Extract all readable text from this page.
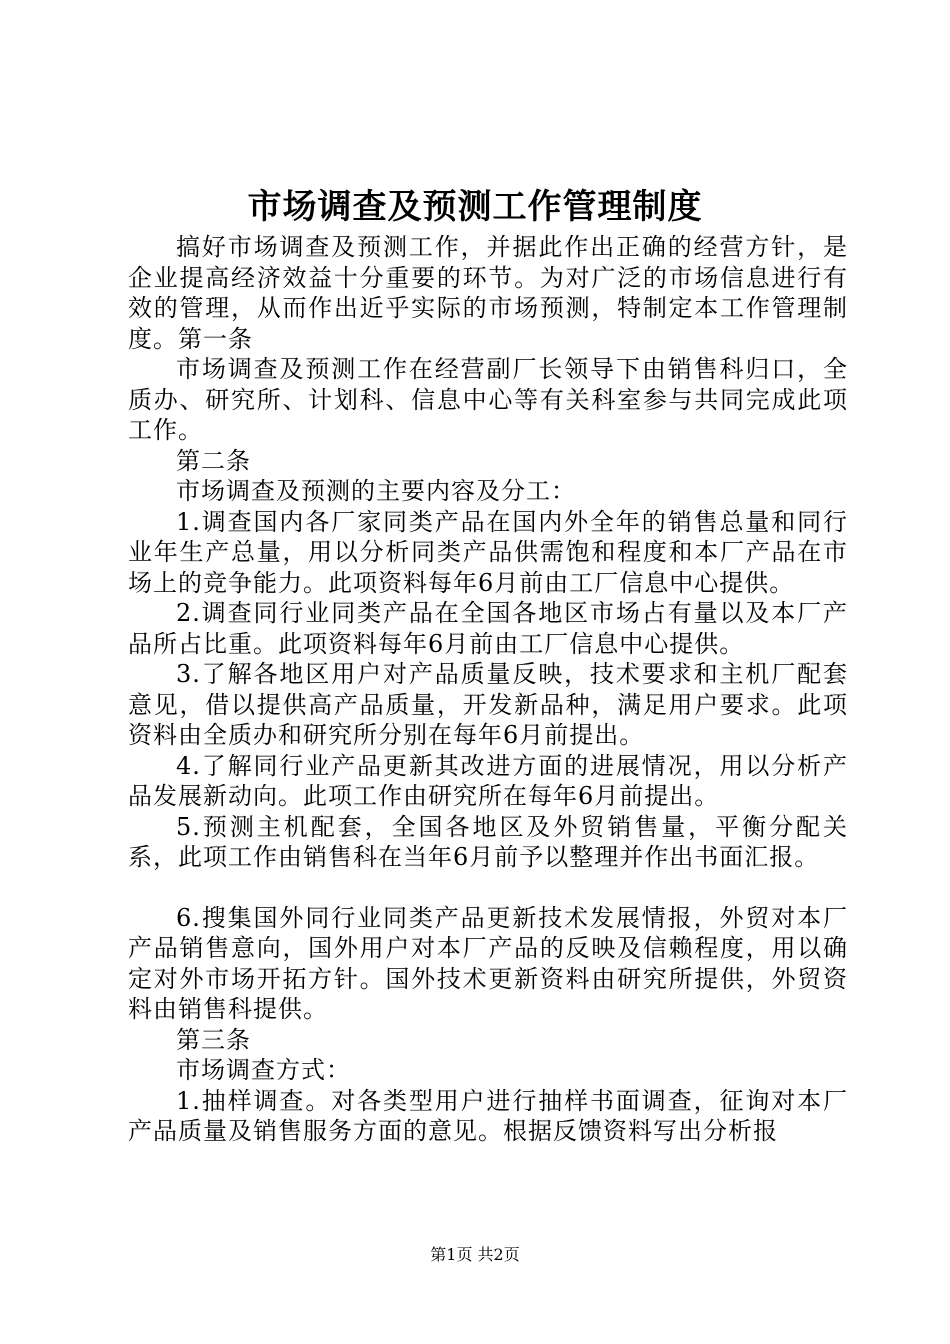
市场调查及预测工作管理制度

搞好市场调查及预测工作，并据此作出正确的经营方针，是企业提高经济效益十分重要的环节。为对广泛的市场信息进行有效的管理，从而作出近乎实际的市场预测，特制定本工作管理制度。第一条

市场调查及预测工作在经营副厂长领导下由销售科归口，全质办、研究所、计划科、信息中心等有关科室参与共同完成此项工作。

第二条

市场调查及预测的主要内容及分工：

1.调查国内各厂家同类产品在国内外全年的销售总量和同行业年生产总量，用以分析同类产品供需饱和程度和本厂产品在市场上的竞争能力。此项资料每年6月前由工厂信息中心提供。

2.调查同行业同类产品在全国各地区市场占有量以及本厂产品所占比重。此项资料每年6月前由工厂信息中心提供。

3.了解各地区用户对产品质量反映，技术要求和主机厂配套意见，借以提供高产品质量，开发新品种，满足用户要求。此项资料由全质办和研究所分别在每年6月前提出。

4.了解同行业产品更新其改进方面的进展情况，用以分析产品发展新动向。此项工作由研究所在每年6月前提出。

5.预测主机配套，全国各地区及外贸销售量，平衡分配关系，此项工作由销售科在当年6月前予以整理并作出书面汇报。

6.搜集国外同行业同类产品更新技术发展情报，外贸对本厂产品销售意向，国外用户对本厂产品的反映及信赖程度，用以确定对外市场开拓方针。国外技术更新资料由研究所提供，外贸资料由销售科提供。

第三条

市场调查方式：

1.抽样调查。对各类型用户进行抽样书面调查，征询对本厂产品质量及销售服务方面的意见。根据反馈资料写出分析报

第1页 共2页
